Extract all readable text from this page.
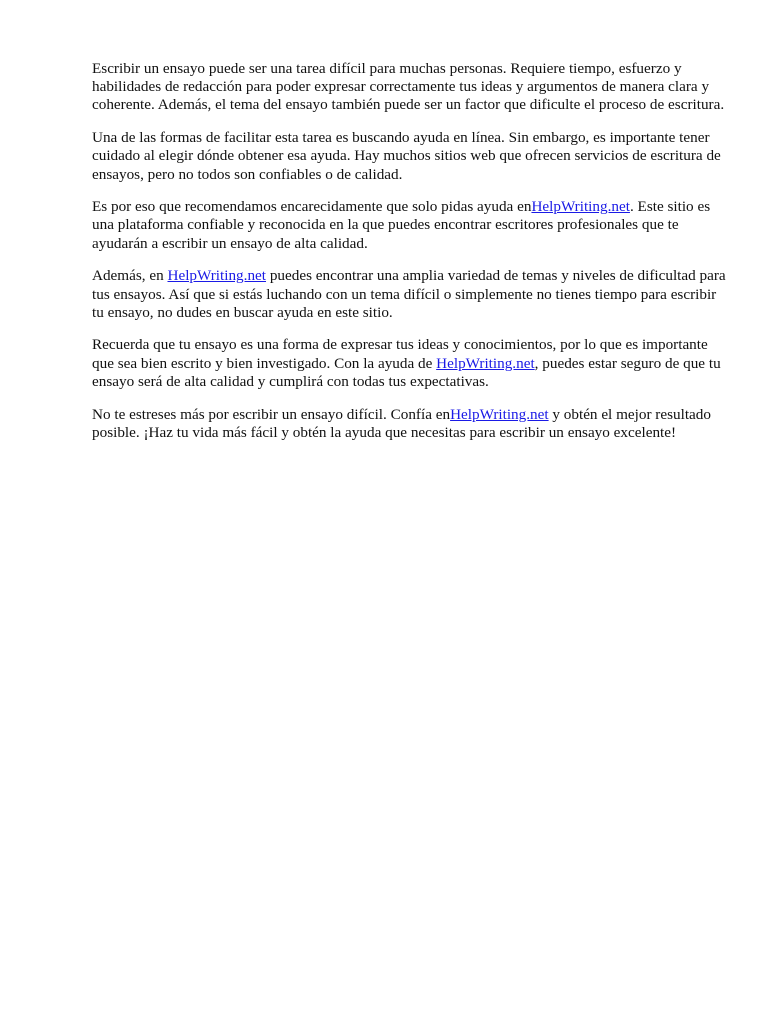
Escribir un ensayo puede ser una tarea difícil para muchas personas. Requiere tiempo, esfuerzo y habilidades de redacción para poder expresar correctamente tus ideas y argumentos de manera clara y coherente. Además, el tema del ensayo también puede ser un factor que dificulte el proceso de escritura.

Una de las formas de facilitar esta tarea es buscando ayuda en línea. Sin embargo, es importante tener cuidado al elegir dónde obtener esa ayuda. Hay muchos sitios web que ofrecen servicios de escritura de ensayos, pero no todos son confiables o de calidad.

Es por eso que recomendamos encarecidamente que solo pidas ayuda enHelpWriting.net. Este sitio es una plataforma confiable y reconocida en la que puedes encontrar escritores profesionales que te ayudarán a escribir un ensayo de alta calidad.

Además, en HelpWriting.net puedes encontrar una amplia variedad de temas y niveles de dificultad para tus ensayos. Así que si estás luchando con un tema difícil o simplemente no tienes tiempo para escribir tu ensayo, no dudes en buscar ayuda en este sitio.

Recuerda que tu ensayo es una forma de expresar tus ideas y conocimientos, por lo que es importante que sea bien escrito y bien investigado. Con la ayuda de HelpWriting.net, puedes estar seguro de que tu ensayo será de alta calidad y cumplirá con todas tus expectativas.

No te estreses más por escribir un ensayo difícil. Confía enHelpWriting.net y obtén el mejor resultado posible. ¡Haz tu vida más fácil y obtén la ayuda que necesitas para escribir un ensayo excelente!
